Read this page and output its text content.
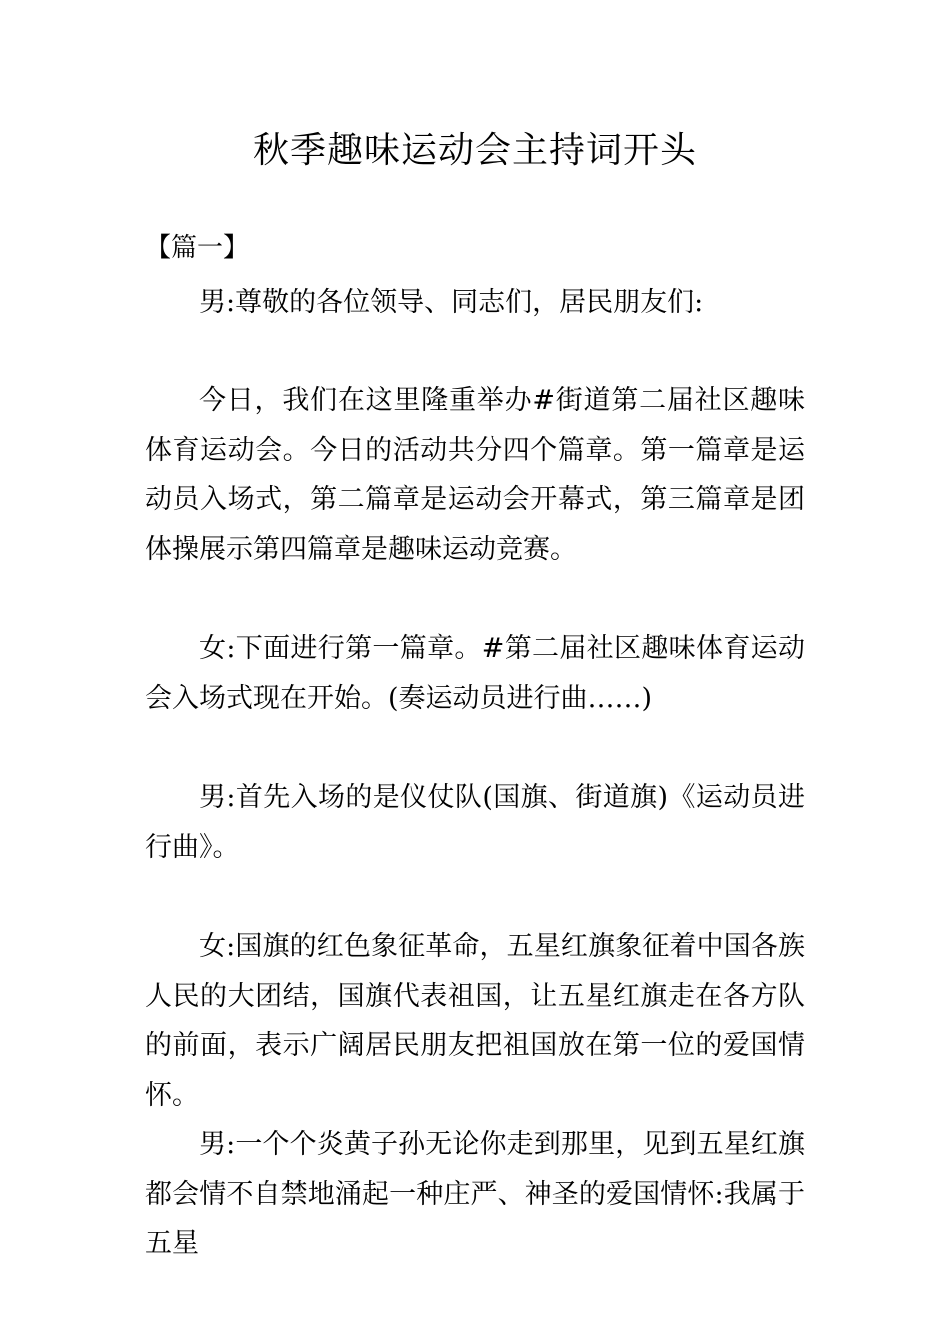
秋季趣味运动会主持词开头
【篇一】

男:尊敬的各位领导、同志们，居民朋友们:

今日，我们在这里隆重举办#街道第二届社区趣味体育运动会。今日的活动共分四个篇章。第一篇章是运动员入场式，第二篇章是运动会开幕式，第三篇章是团体操展示第四篇章是趣味运动竞赛。

女:下面进行第一篇章。#第二届社区趣味体育运动会入场式现在开始。(奏运动员进行曲……)

男:首先入场的是仪仗队(国旗、街道旗)《运动员进行曲》。

女:国旗的红色象征革命，五星红旗象征着中国各族人民的大团结，国旗代表祖国，让五星红旗走在各方队的前面，表示广阔居民朋友把祖国放在第一位的爱国情怀。

男:一个个炎黄子孙无论你走到那里，见到五星红旗都会情不自禁地涌起一种庄严、神圣的爱国情怀:我属于五星
